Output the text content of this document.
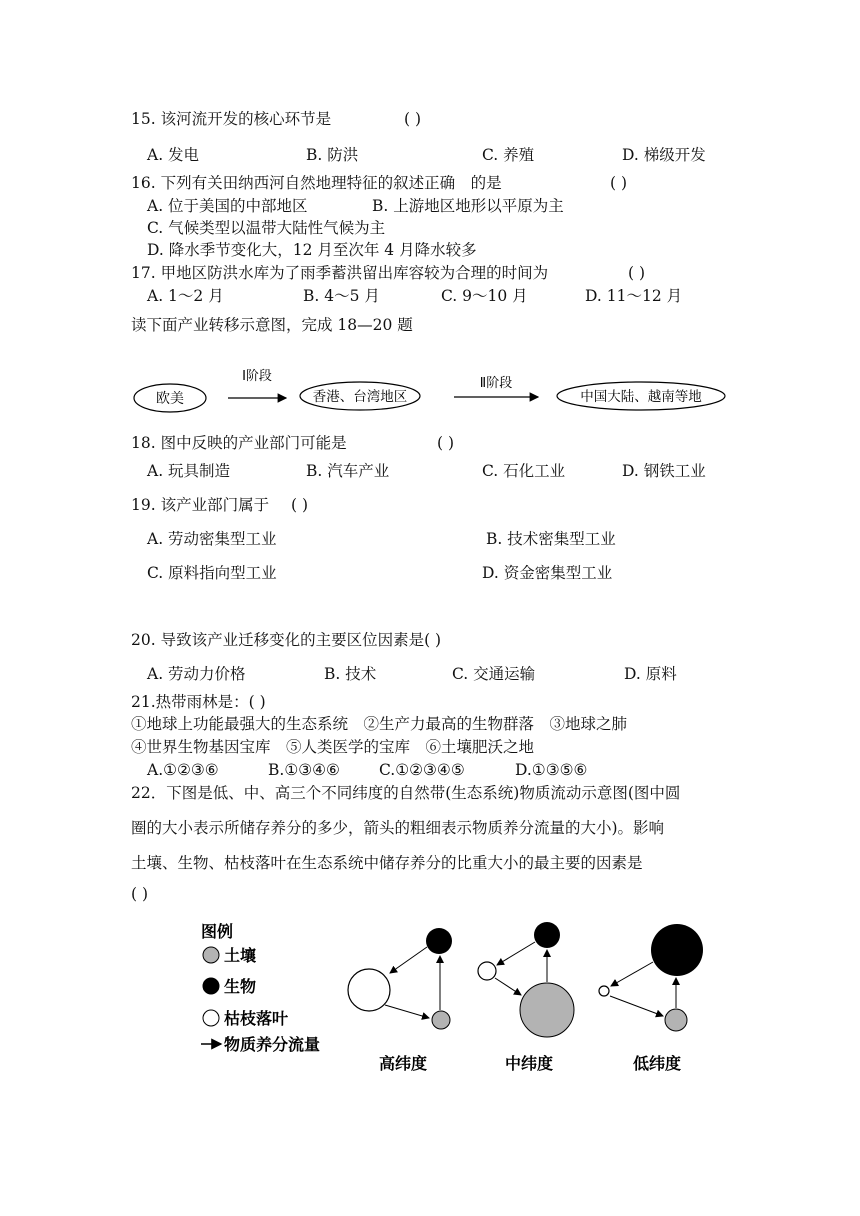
15. 该河流开发的核心环节是	( )
A. 发电	B. 防洪	C. 养殖	D. 梯级开发
16. 下列有关田纳西河自然地理特征的叙述正确　的是	( )
A. 位于美国的中部地区	B. 上游地区地形以平原为主
C. 气候类型以温带大陆性气候为主
D. 降水季节变化大，12 月至次年 4 月降水较多
17. 甲地区防洪水库为了雨季蓄洪留出库容较为合理的时间为	( )
A. 1～2 月	B. 4～5 月	C. 9～10 月	D. 11～12 月
读下面产业转移示意图，完成 18—20 题
欧美
Ⅰ阶段
香港、台湾地区
Ⅱ阶段
中国大陆、越南等地
18. 图中反映的产业部门可能是	( )
A. 玩具制造	B. 汽车产业	C. 石化工业	D. 钢铁工业
19. 该产业部门属于 ( )
A. 劳动密集型工业	B. 技术密集型工业
C. 原料指向型工业	D. 资金密集型工业
20. 导致该产业迁移变化的主要区位因素是( )
A. 劳动力价格	B. 技术	C. 交通运输	D. 原料
21.热带雨林是：( )
①地球上功能最强大的生态系统　②生产力最高的生物群落　③地球之肺
④世界生物基因宝库　⑤人类医学的宝库　⑥土壤肥沃之地
A.①②③⑥	B.①③④⑥	C.①②③④⑤	D.①③⑤⑥
22．下图是低、中、高三个不同纬度的自然带(生态系统)物质流动示意图(图中圆
圈的大小表示所储存养分的多少，箭头的粗细表示物质养分流量的大小)。影响
土壤、生物、枯枝落叶在生态系统中储存养分的比重大小的最主要的因素是
( )
图例
土壤
生物
枯枝落叶
物质养分流量
高纬度	中纬度	低纬度
